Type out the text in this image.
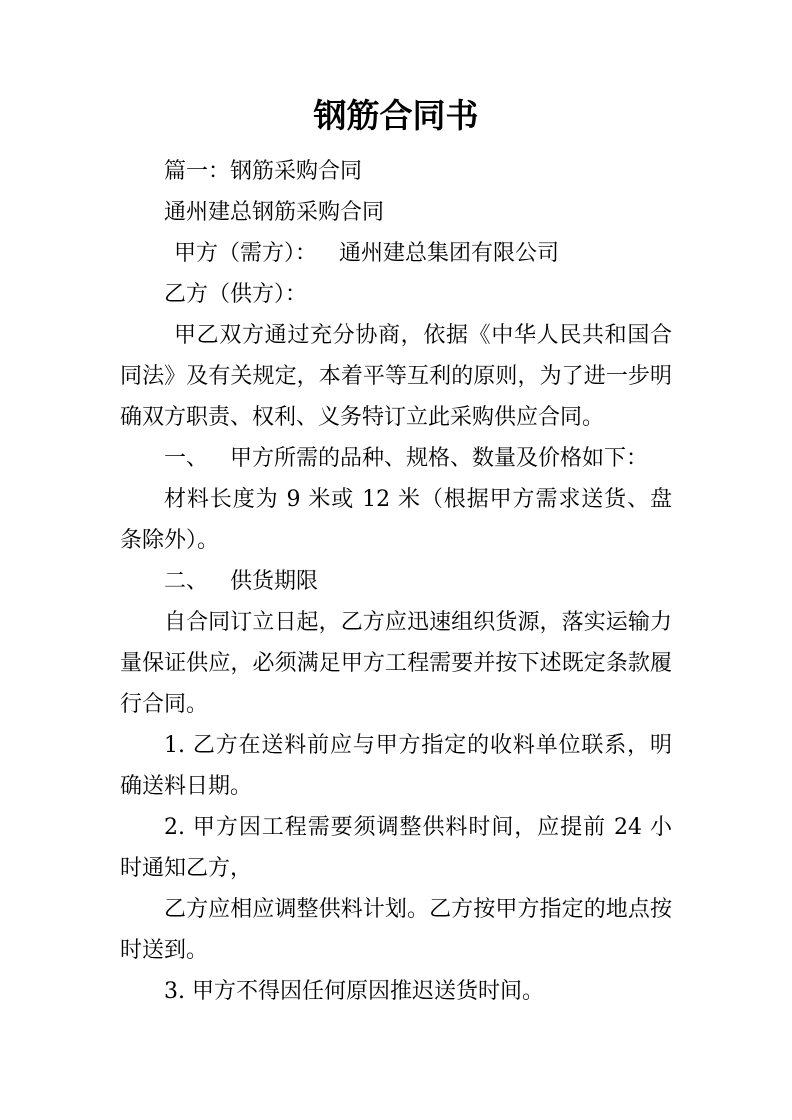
钢筋合同书

篇一：钢筋采购合同

通州建总钢筋采购合同

甲方（需方）： 通州建总集团有限公司

乙方（供方）：

甲乙双方通过充分协商，依据《中华人民共和国合同法》及有关规定，本着平等互利的原则，为了进一步明确双方职责、权利、义务特订立此采购供应合同。

一、 甲方所需的品种、规格、数量及价格如下：

材料长度为 9 米或 12 米（根据甲方需求送货、盘条除外）。

二、 供货期限

自合同订立日起，乙方应迅速组织货源，落实运输力量保证供应，必须满足甲方工程需要并按下述既定条款履行合同。

1. 乙方在送料前应与甲方指定的收料单位联系，明确送料日期。

2. 甲方因工程需要须调整供料时间，应提前 24 小时通知乙方，

乙方应相应调整供料计划。乙方按甲方指定的地点按时送到。

3. 甲方不得因任何原因推迟送货时间。
